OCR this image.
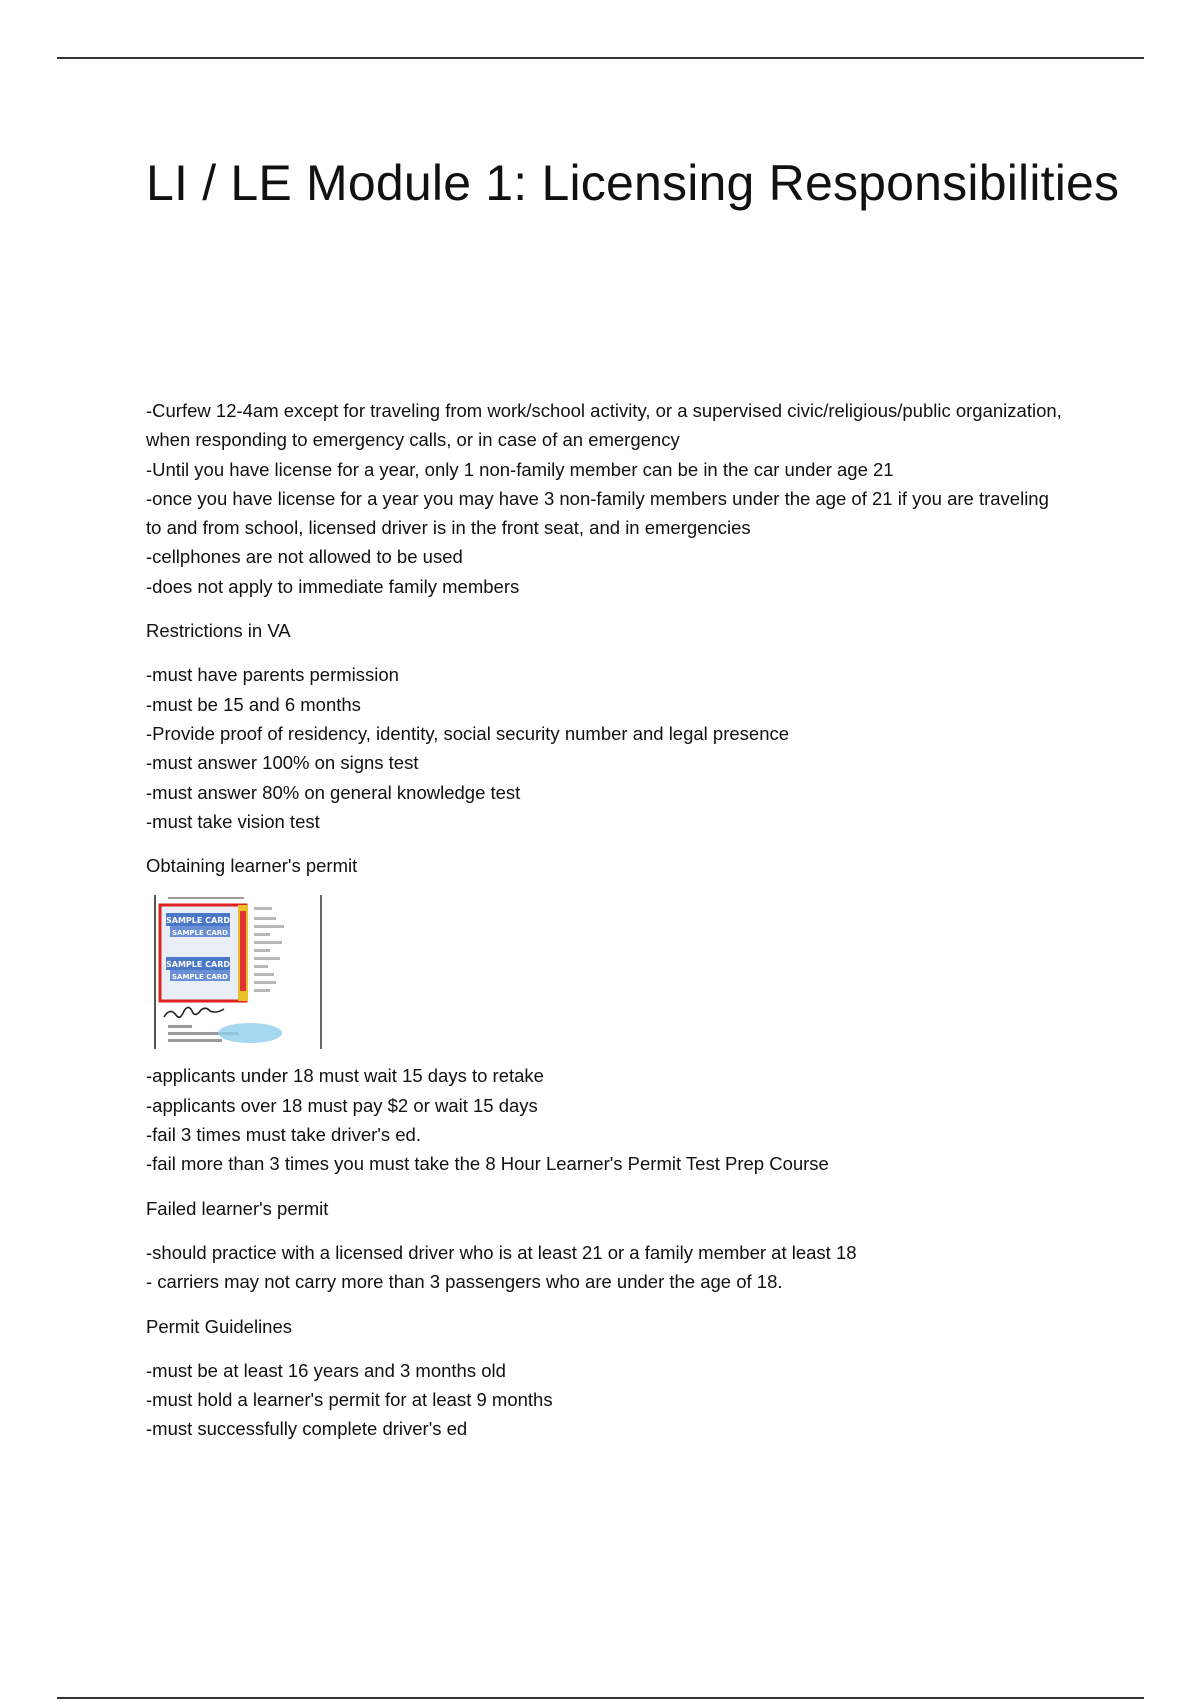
LI / LE Module 1: Licensing Responsibilities
-Curfew 12-4am except for traveling from work/school activity, or a supervised civic/religious/public organization, when responding to emergency calls, or in case of an emergency
-Until you have license for a year, only 1 non-family member can be in the car under age 21
-once you have license for a year you may have 3 non-family members under the age of 21 if you are traveling to and from school, licensed driver is in the front seat, and in emergencies
-cellphones are not allowed to be used
-does not apply to immediate family members
Restrictions in VA
-must have parents permission
-must be 15 and 6 months
-Provide proof of residency, identity, social security number and legal presence
-must answer 100% on signs test
-must answer 80% on general knowledge test
-must take vision test
Obtaining learner's permit
SAMPLE CARD
SAMPLE CARD
SAMPLE CARD
SAMPLE CARD
-applicants under 18 must wait 15 days to retake
-applicants over 18 must pay $2 or wait 15 days
-fail 3 times must take driver's ed.
-fail more than 3 times you must take the 8 Hour Learner's Permit Test Prep Course
Failed learner's permit
-should practice with a licensed driver who is at least 21 or a family member at least 18
- carriers may not carry more than 3 passengers who are under the age of 18.
Permit Guidelines
-must be at least 16 years and 3 months old
-must hold a learner's permit for at least 9 months
-must successfully complete driver's ed
